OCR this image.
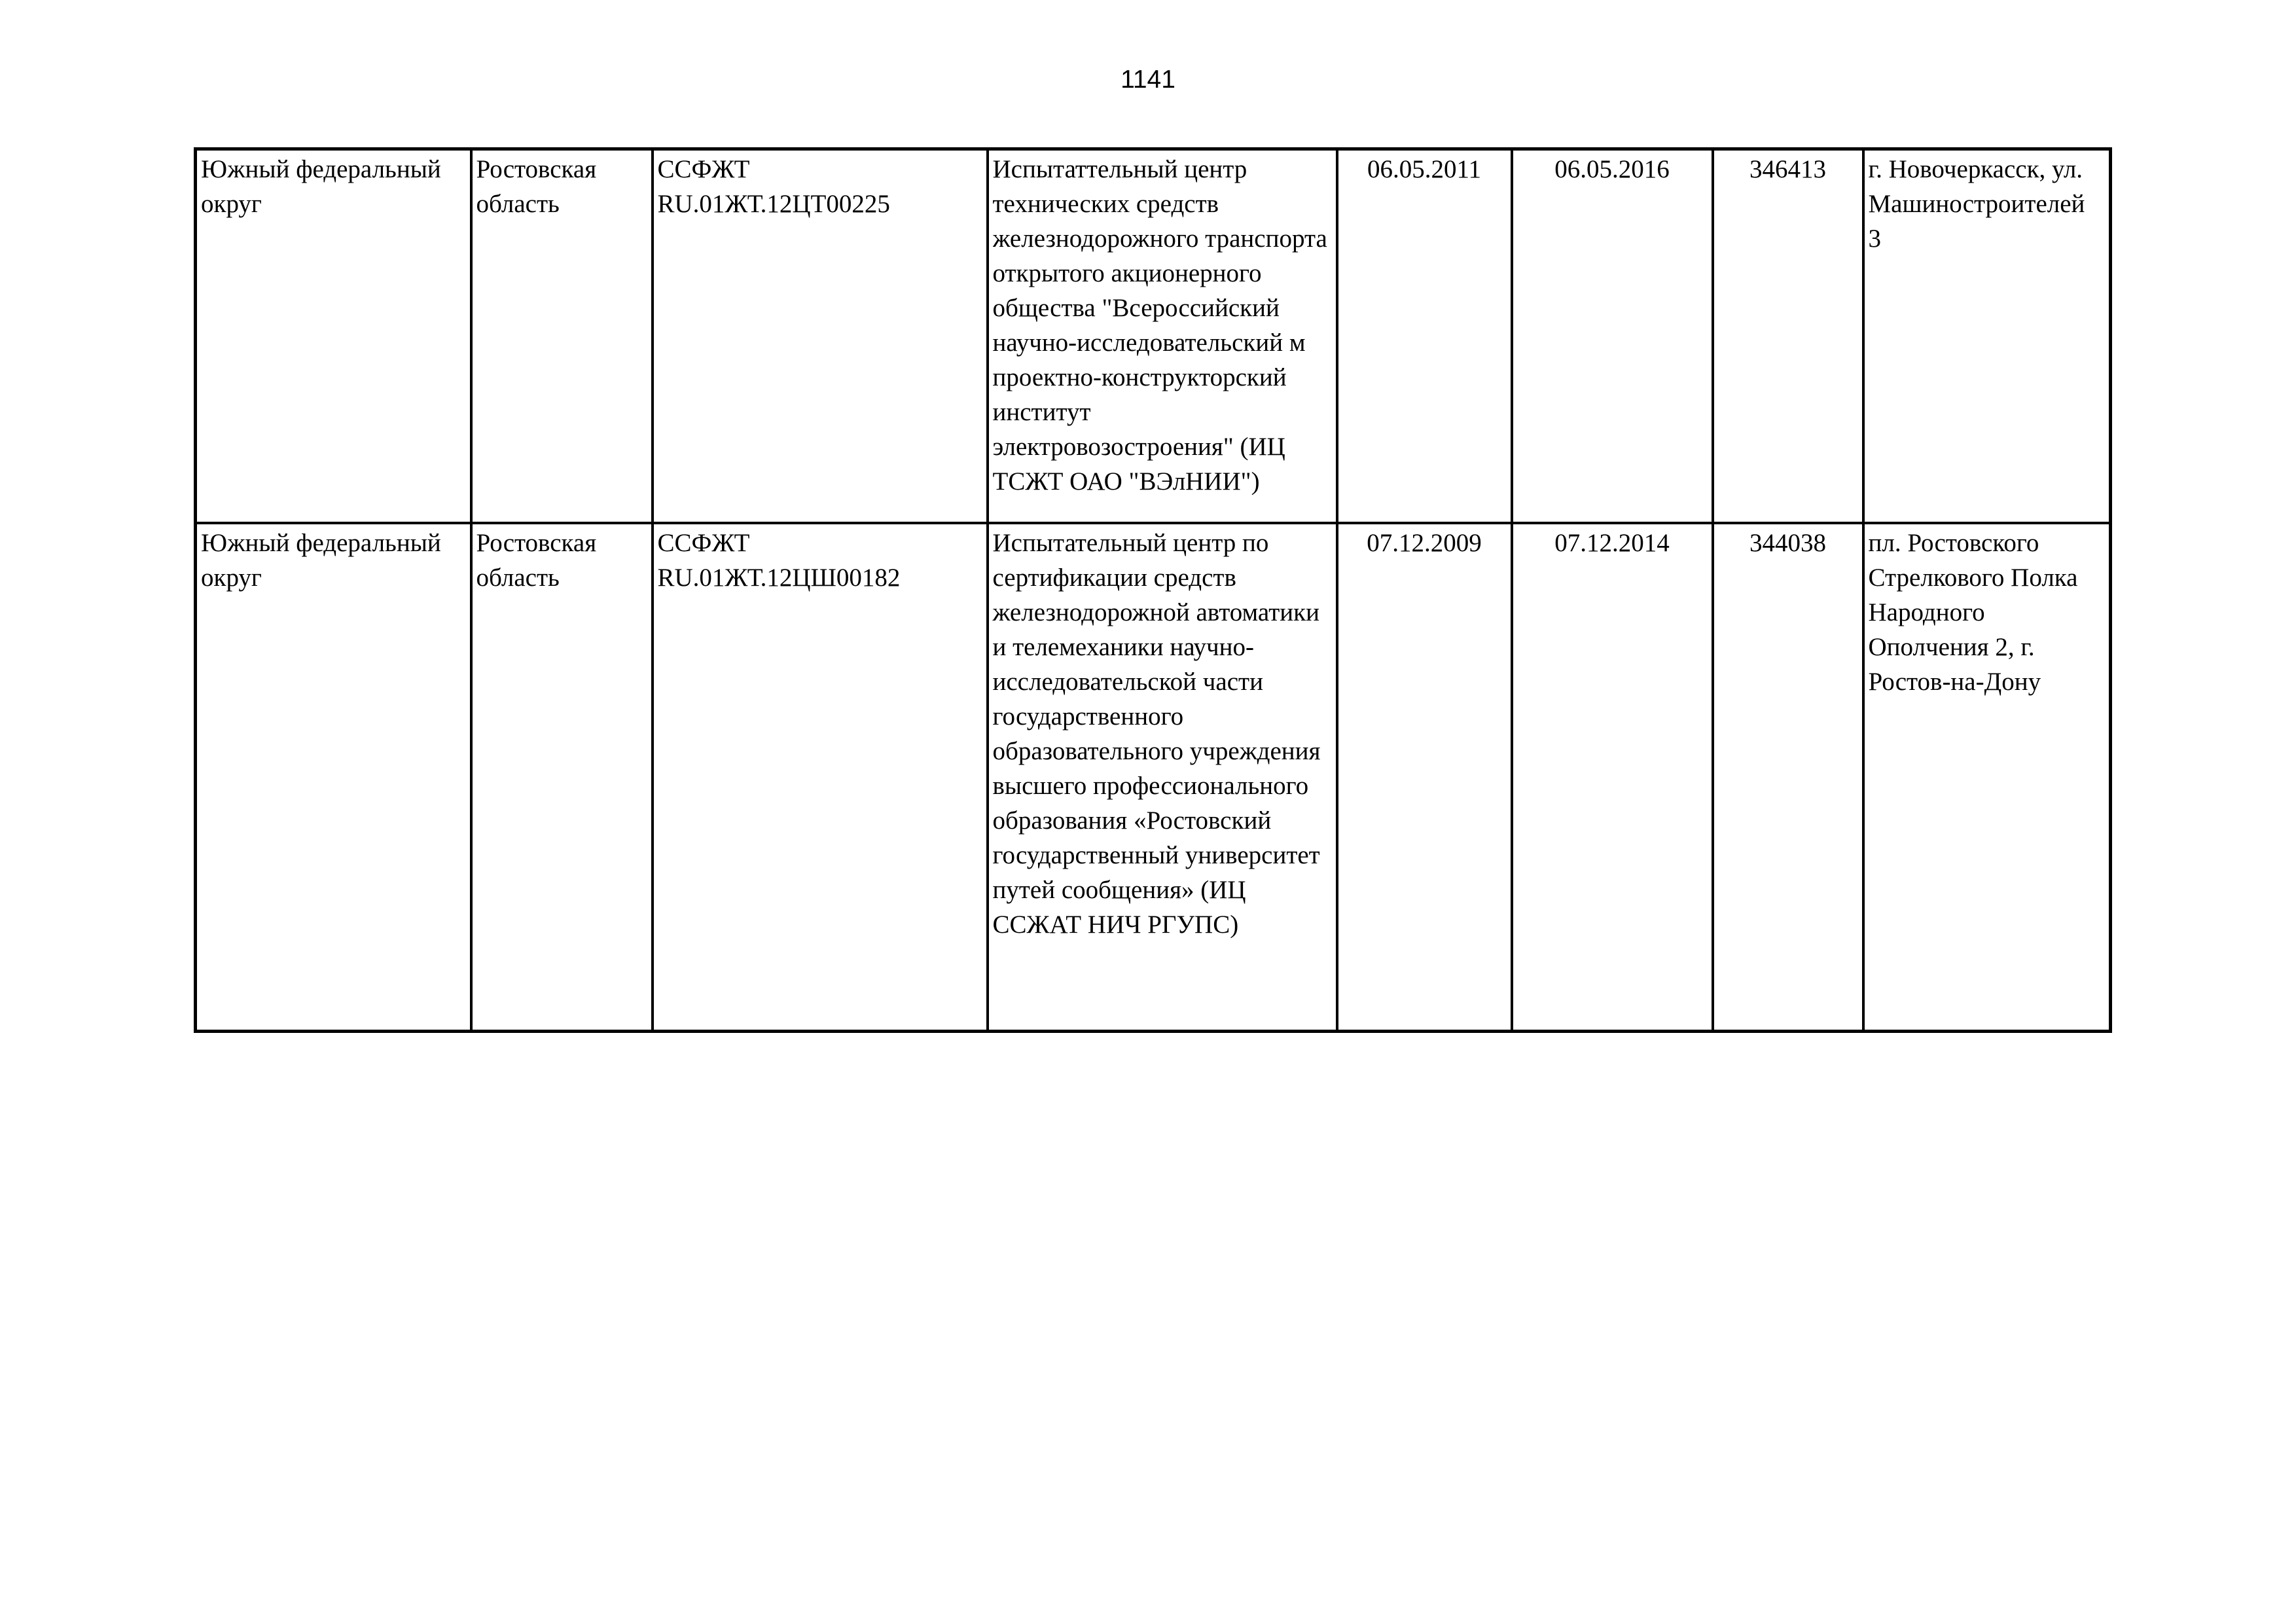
1141
Южный федеральный округ	Ростовская область	ССФЖТ RU.01ЖТ.12ЦТ00225	Испытаттельный центр технических средств железнодорожного транспорта открытого акционерного общества "Всероссийский научно-исследовательский м проектно-конструкторский институт электровозостроения" (ИЦ ТСЖТ ОАО "ВЭлНИИ")	06.05.2011	06.05.2016	346413	г. Новочеркасск, ул. Машиностроителей
3
Южный федеральный округ	Ростовская область	ССФЖТ RU.01ЖТ.12ЦШ00182	Испытательный центр по сертификации средств железнодорожной автоматики и телемеханики научно-исследовательской части государственного образовательного учреждения высшего профессионального образования «Ростовский государственный университет путей сообщения» (ИЦ ССЖАТ НИЧ РГУПС)	07.12.2009	07.12.2014	344038	пл. Ростовского Стрелкового Полка Народного Ополчения 2, г. Ростов-на-Дону
